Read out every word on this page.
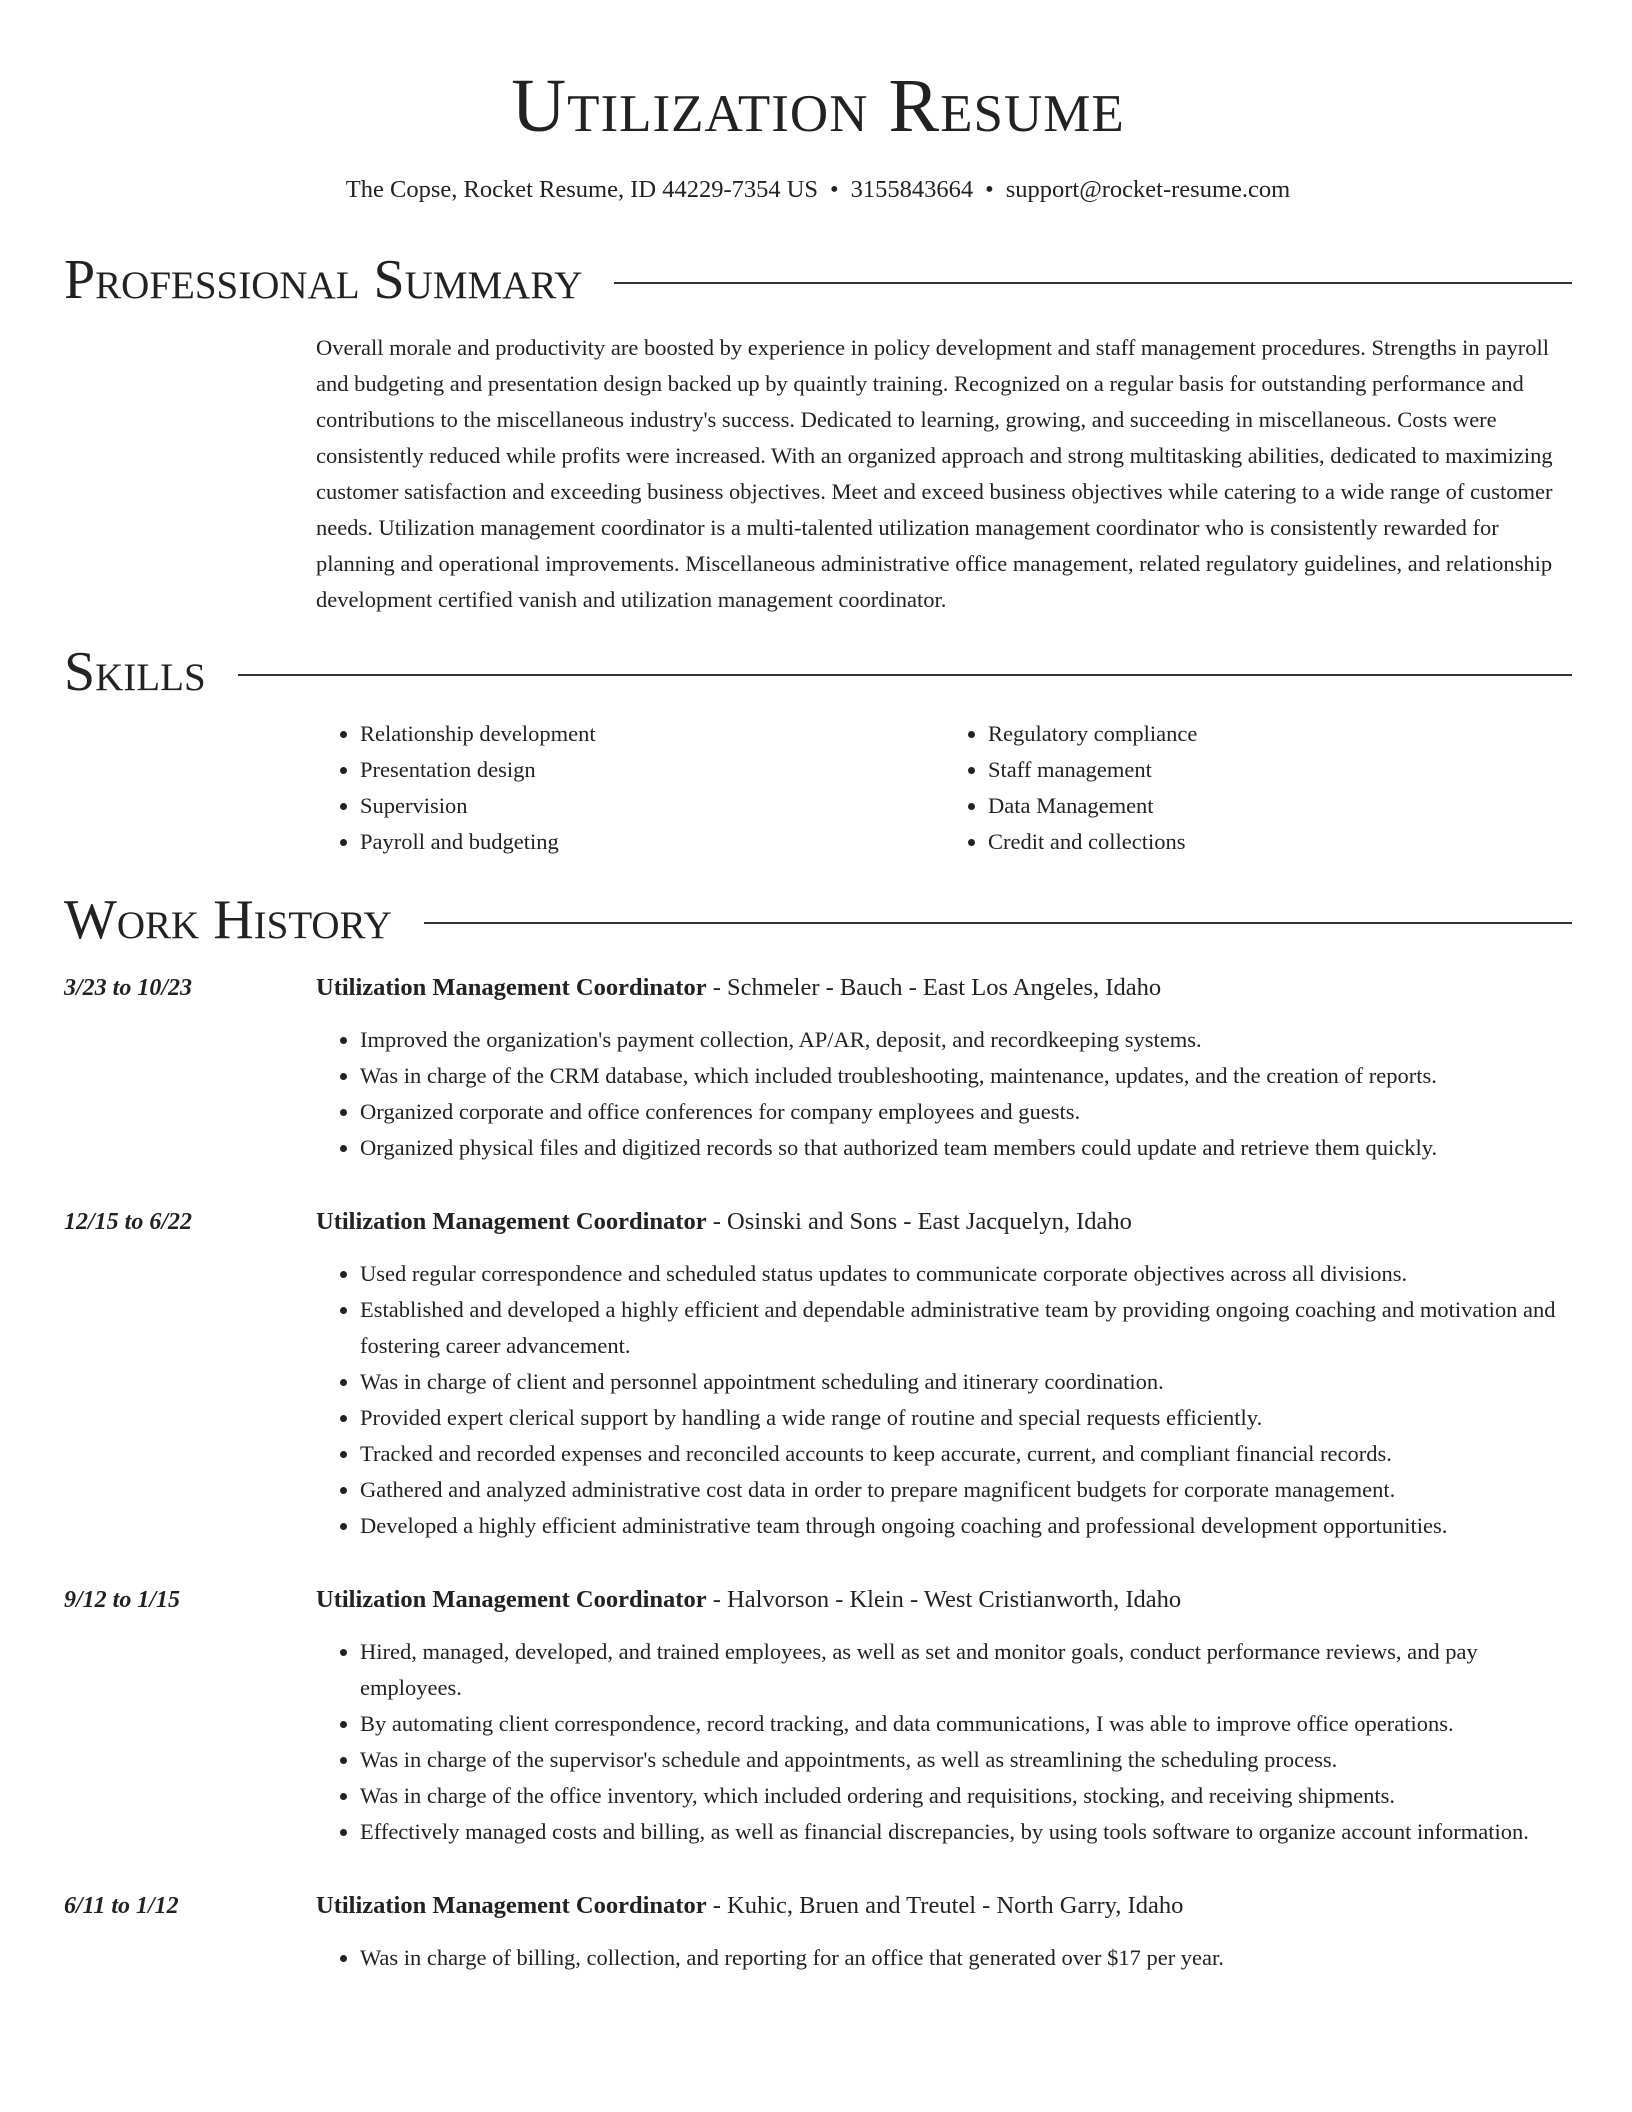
Utilization Resume
The Copse, Rocket Resume, ID 44229-7354 US • 3155843664 • support@rocket-resume.com
Professional Summary
Overall morale and productivity are boosted by experience in policy development and staff management procedures. Strengths in payroll and budgeting and presentation design backed up by quaintly training. Recognized on a regular basis for outstanding performance and contributions to the miscellaneous industry's success. Dedicated to learning, growing, and succeeding in miscellaneous. Costs were consistently reduced while profits were increased. With an organized approach and strong multitasking abilities, dedicated to maximizing customer satisfaction and exceeding business objectives. Meet and exceed business objectives while catering to a wide range of customer needs. Utilization management coordinator is a multi-talented utilization management coordinator who is consistently rewarded for planning and operational improvements. Miscellaneous administrative office management, related regulatory guidelines, and relationship development certified vanish and utilization management coordinator.
Skills
• Relationship development
• Presentation design
• Supervision
• Payroll and budgeting
• Regulatory compliance
• Staff management
• Data Management
• Credit and collections
Work History
3/23 to 10/23	Utilization Management Coordinator - Schmeler - Bauch - East Los Angeles, Idaho
• Improved the organization's payment collection, AP/AR, deposit, and recordkeeping systems.
• Was in charge of the CRM database, which included troubleshooting, maintenance, updates, and the creation of reports.
• Organized corporate and office conferences for company employees and guests.
• Organized physical files and digitized records so that authorized team members could update and retrieve them quickly.
12/15 to 6/22	Utilization Management Coordinator - Osinski and Sons - East Jacquelyn, Idaho
• Used regular correspondence and scheduled status updates to communicate corporate objectives across all divisions.
• Established and developed a highly efficient and dependable administrative team by providing ongoing coaching and motivation and fostering career advancement.
• Was in charge of client and personnel appointment scheduling and itinerary coordination.
• Provided expert clerical support by handling a wide range of routine and special requests efficiently.
• Tracked and recorded expenses and reconciled accounts to keep accurate, current, and compliant financial records.
• Gathered and analyzed administrative cost data in order to prepare magnificent budgets for corporate management.
• Developed a highly efficient administrative team through ongoing coaching and professional development opportunities.
9/12 to 1/15	Utilization Management Coordinator - Halvorson - Klein - West Cristianworth, Idaho
• Hired, managed, developed, and trained employees, as well as set and monitor goals, conduct performance reviews, and pay employees.
• By automating client correspondence, record tracking, and data communications, I was able to improve office operations.
• Was in charge of the supervisor's schedule and appointments, as well as streamlining the scheduling process.
• Was in charge of the office inventory, which included ordering and requisitions, stocking, and receiving shipments.
• Effectively managed costs and billing, as well as financial discrepancies, by using tools software to organize account information.
6/11 to 1/12	Utilization Management Coordinator - Kuhic, Bruen and Treutel - North Garry, Idaho
• Was in charge of billing, collection, and reporting for an office that generated over $17 per year.
